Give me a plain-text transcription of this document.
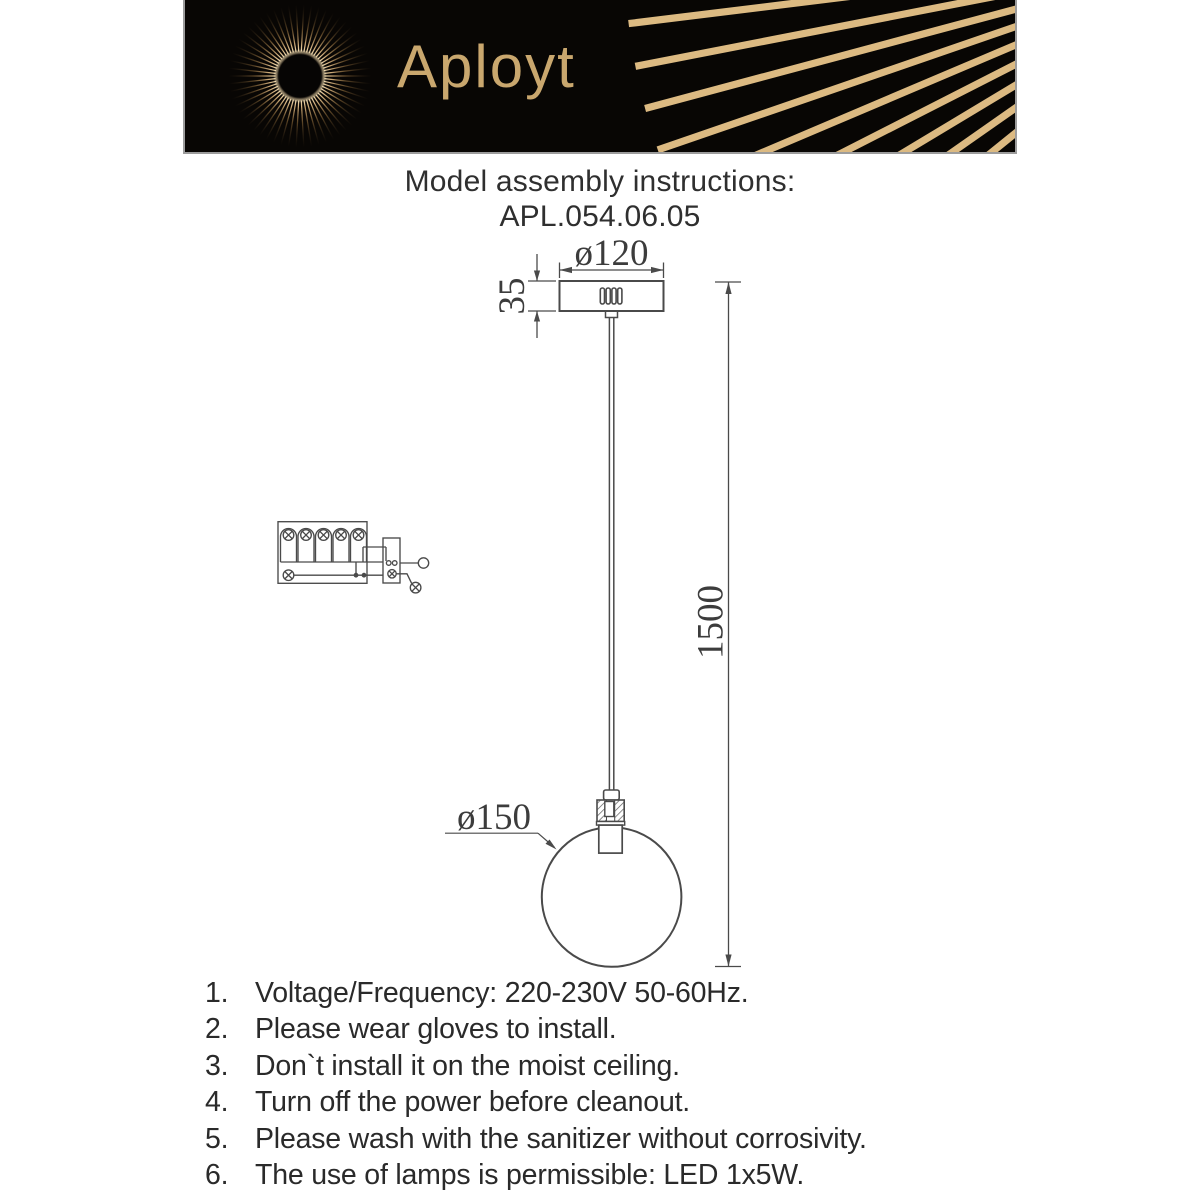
Aployt
Model assembly instructions:
APL.054.06.05
ø120
35
1500
ø150
1. Voltage/Frequency: 220-230V 50-60Hz.
2. Please wear gloves to install.
3. Don`t install it on the moist ceiling.
4. Turn off the power before cleanout.
5. Please wash with the sanitizer without corrosivity.
6. The use of lamps is permissible: LED 1x5W.
